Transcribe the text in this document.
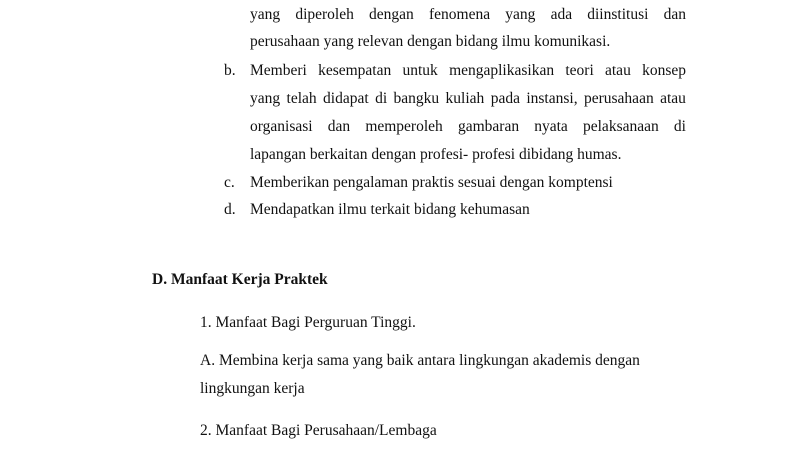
yang diperoleh dengan fenomena yang ada diinstitusi dan
perusahaan yang relevan dengan bidang ilmu komunikasi.
b. Memberi kesempatan untuk mengaplikasikan teori atau konsep
yang telah didapat di bangku kuliah pada instansi, perusahaan atau
organisasi dan memperoleh gambaran nyata pelaksanaan di
lapangan berkaitan dengan profesi- profesi dibidang humas.
c. Memberikan pengalaman praktis sesuai dengan komptensi
d. Mendapatkan ilmu terkait bidang kehumasan
D. Manfaat Kerja Praktek
1. Manfaat Bagi Perguruan Tinggi.
A. Membina kerja sama yang baik antara lingkungan akademis dengan
lingkungan kerja
2. Manfaat Bagi Perusahaan/Lembaga
